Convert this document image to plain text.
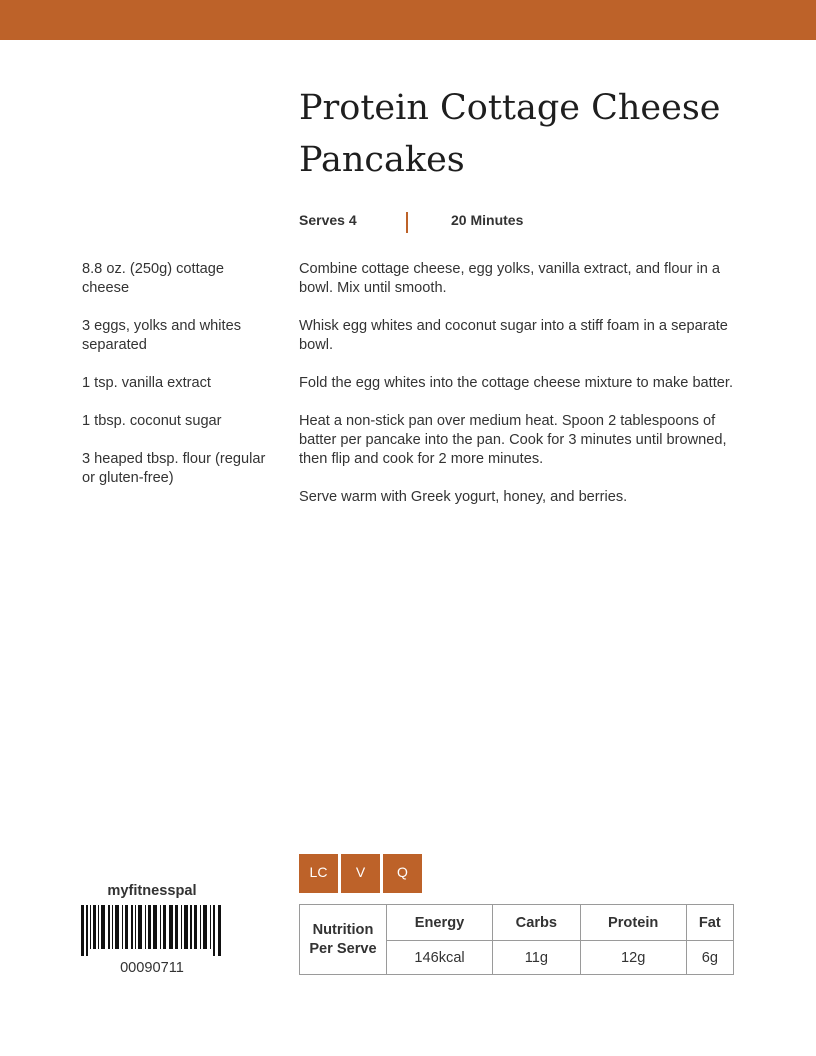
Protein Cottage Cheese Pancakes
Serves 4	20 Minutes
8.8 oz. (250g) cottage cheese
3 eggs, yolks and whites separated
1 tsp. vanilla extract
1 tbsp. coconut sugar
3 heaped tbsp. flour (regular or gluten-free)
Combine cottage cheese, egg yolks, vanilla extract, and flour in a bowl. Mix until smooth.
Whisk egg whites and coconut sugar into a stiff foam in a separate bowl.
Fold the egg whites into the cottage cheese mixture to make batter.
Heat a non-stick pan over medium heat. Spoon 2 tablespoons of batter per pancake into the pan. Cook for 3 minutes until browned, then flip and cook for 2 more minutes.
Serve warm with Greek yogurt, honey, and berries.
LC	V	Q
myfitnesspal
00090711
Nutrition Per Serve	Energy	Carbs	Protein	Fat
	146kcal	11g	12g	6g
